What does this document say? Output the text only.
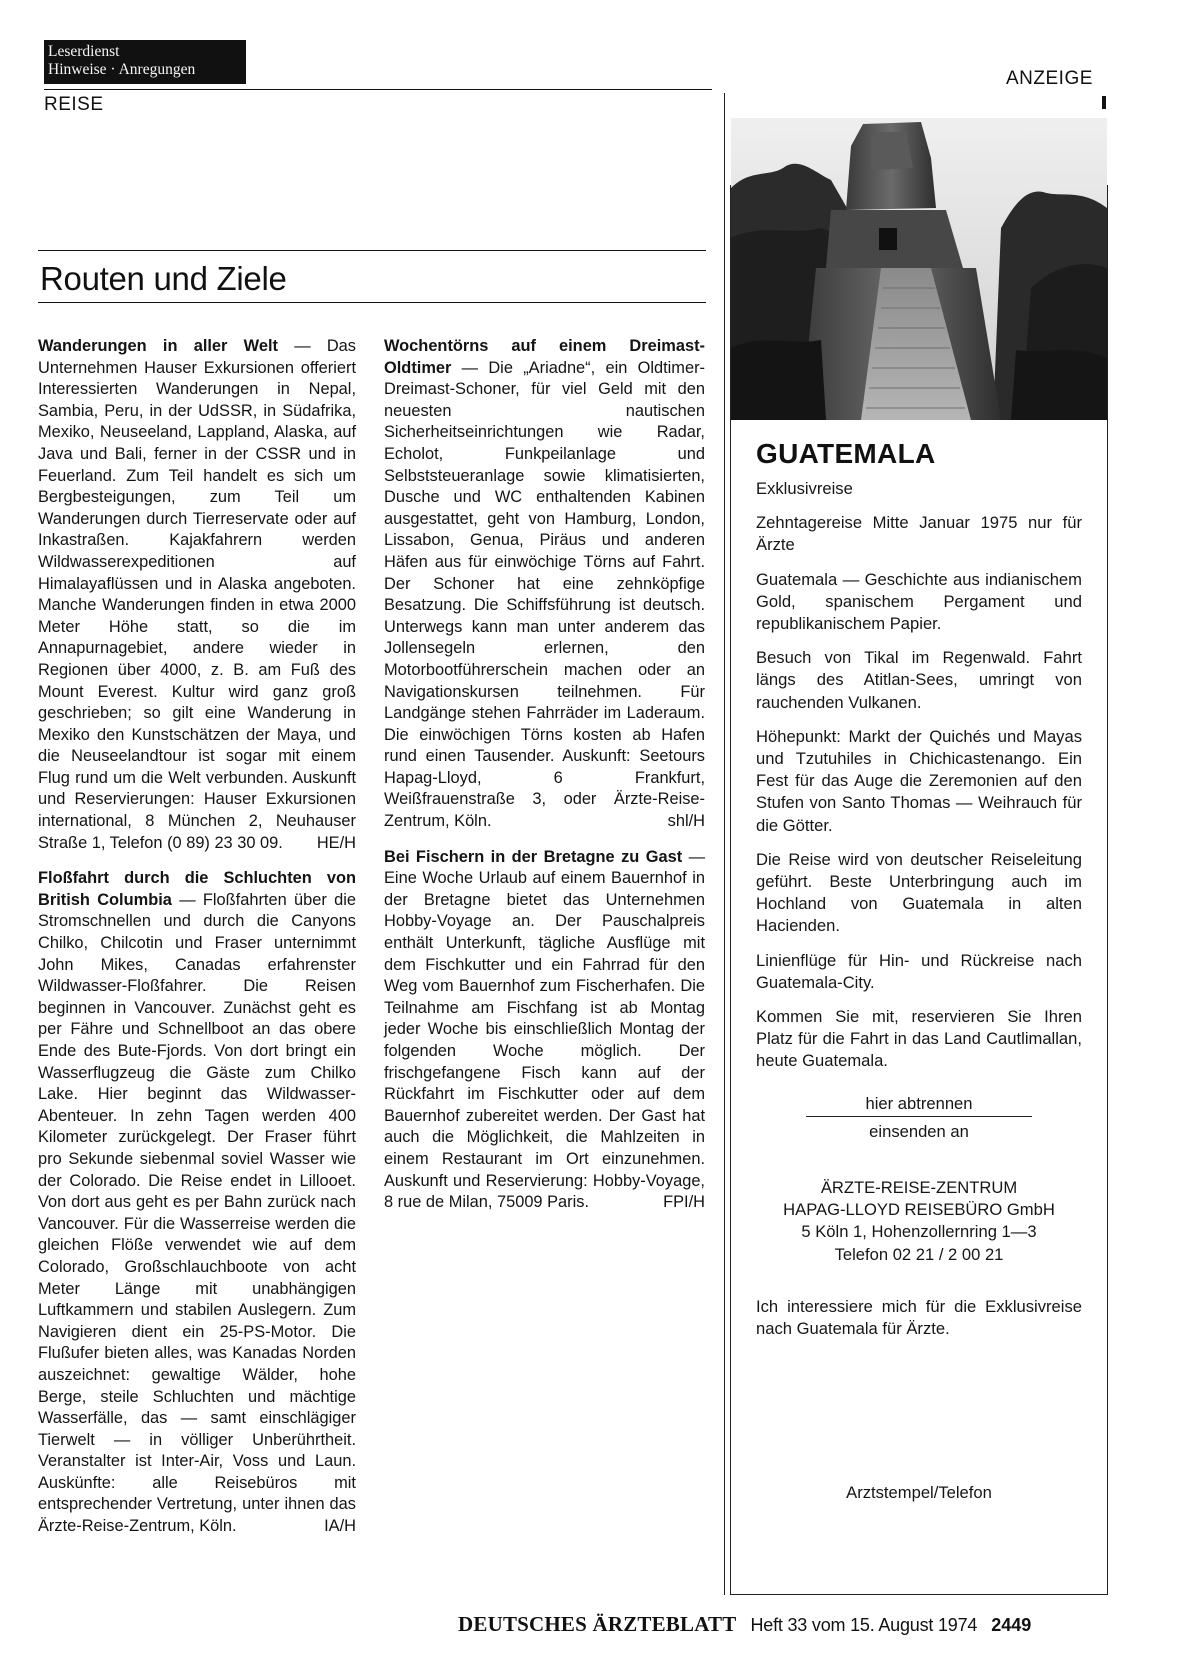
Leserdienst
Hinweise · Anregungen
REISE
ANZEIGE
Routen und Ziele

Wanderungen in aller Welt — Das Unternehmen Hauser Exkursionen offeriert Interessierten Wanderungen in Nepal, Sambia, Peru, in der UdSSR, in Südafrika, Mexiko, Neuseeland, Lappland, Alaska, auf Java und Bali, ferner in der CSSR und in Feuerland. Zum Teil handelt es sich um Bergbesteigungen, zum Teil um Wanderungen durch Tierreservate oder auf Inkastraßen. Kajakfahrern werden Wildwasserexpeditionen auf Himalayaflüssen und in Alaska angeboten. Manche Wanderungen finden in etwa 2000 Meter Höhe statt, so die im Annapurnagebiet, andere wieder in Regionen über 4000, z. B. am Fuß des Mount Everest. Kultur wird ganz groß geschrieben; so gilt eine Wanderung in Mexiko den Kunstschätzen der Maya, und die Neuseelandtour ist sogar mit einem Flug rund um die Welt verbunden. Auskunft und Reservierungen: Hauser Exkursionen international, 8 München 2, Neuhauser Straße 1, Telefon (0 89) 23 30 09. HE/H

Floßfahrt durch die Schluchten von British Columbia — Floßfahrten über die Stromschnellen und durch die Canyons Chilko, Chilcotin und Fraser unternimmt John Mikes, Canadas erfahrenster Wildwasser-Floßfahrer. Die Reisen beginnen in Vancouver. Zunächst geht es per Fähre und Schnellboot an das obere Ende des Bute-Fjords. Von dort bringt ein Wasserflugzeug die Gäste zum Chilko Lake. Hier beginnt das Wildwasser-Abenteuer. In zehn Tagen werden 400 Kilometer zurückgelegt. Der Fraser führt pro Sekunde siebenmal soviel Wasser wie der Colorado. Die Reise endet in Lillooet. Von dort aus geht es per Bahn zurück nach Vancouver. Für die Wasserreise werden die gleichen Flöße verwendet wie auf dem Colorado, Großschlauchboote von acht Meter Länge mit unabhängigen Luftkammern und stabilen Auslegern. Zum Navigieren dient ein 25-PS-Motor. Die Flußufer bieten alles, was Kanadas Norden auszeichnet: gewaltige Wälder, hohe Berge, steile Schluchten und mächtige Wasserfälle, das — samt einschlägiger Tierwelt — in völliger Unberührtheit. Veranstalter ist Inter-Air, Voss und Laun. Auskünfte: alle Reisebüros mit entsprechender Vertretung, unter ihnen das Ärzte-Reise-Zentrum, Köln.	IA/H

Wochentörns auf einem Dreimast-Oldtimer — Die „Ariadne“, ein Oldtimer-Dreimast-Schoner, für viel Geld mit den neuesten nautischen Sicherheitseinrichtungen wie Radar, Echolot, Funkpeilanlage und Selbststeueranlage sowie klimatisierten, Dusche und WC enthaltenden Kabinen ausgestattet, geht von Hamburg, London, Lissabon, Genua, Piräus und anderen Häfen aus für einwöchige Törns auf Fahrt. Der Schoner hat eine zehnköpfige Besatzung. Die Schiffsführung ist deutsch. Unterwegs kann man unter anderem das Jollensegeln erlernen, den Motorbootführerschein machen oder an Navigationskursen teilnehmen. Für Landgänge stehen Fahrräder im Laderaum. Die einwöchigen Törns kosten ab Hafen rund einen Tausender. Auskunft: Seetours Hapag-Lloyd, 6 Frankfurt, Weißfrauenstraße 3, oder Ärzte-Reise-Zentrum, Köln.	shl/H

Bei Fischern in der Bretagne zu Gast — Eine Woche Urlaub auf einem Bauernhof in der Bretagne bietet das Unternehmen Hobby-Voyage an. Der Pauschalpreis enthält Unterkunft, tägliche Ausflüge mit dem Fischkutter und ein Fahrrad für den Weg vom Bauernhof zum Fischerhafen. Die Teilnahme am Fischfang ist ab Montag jeder Woche bis einschließlich Montag der folgenden Woche möglich. Der frischgefangene Fisch kann auf der Rückfahrt im Fischkutter oder auf dem Bauernhof zubereitet werden. Der Gast hat auch die Möglichkeit, die Mahlzeiten in einem Restaurant im Ort einzunehmen. Auskunft und Reservierung: Hobby-Voyage, 8 rue de Milan, 75009 Paris.	FPI/H

GUATEMALA

Exklusivreise

Zehntagereise Mitte Januar 1975 nur für Ärzte

Guatemala — Geschichte aus indianischem Gold, spanischem Pergament und republikanischem Papier.

Besuch von Tikal im Regenwald. Fahrt längs des Atitlan-Sees, umringt von rauchenden Vulkanen.

Höhepunkt: Markt der Quichés und Mayas und Tzutuhiles in Chichicastenango. Ein Fest für das Auge die Zeremonien auf den Stufen von Santo Thomas — Weihrauch für die Götter.

Die Reise wird von deutscher Reiseleitung geführt. Beste Unterbringung auch im Hochland von Guatemala in alten Hacienden.

Linienflüge für Hin- und Rückreise nach Guatemala-City.

Kommen Sie mit, reservieren Sie Ihren Platz für die Fahrt in das Land Cautlimallan, heute Guatemala.

hier abtrennen

einsenden an

ÄRZTE-REISE-ZENTRUM

HAPAG-LLOYD REISEBÜRO GmbH

5 Köln 1, Hohenzollernring 1—3

Telefon 02 21 / 2 00 21

Ich interessiere mich für die Exklusivreise nach Guatemala für Ärzte.

Arztstempel/Telefon

DEUTSCHES ÄRZTEBLATT Heft 33 vom 15. August 1974 2449
